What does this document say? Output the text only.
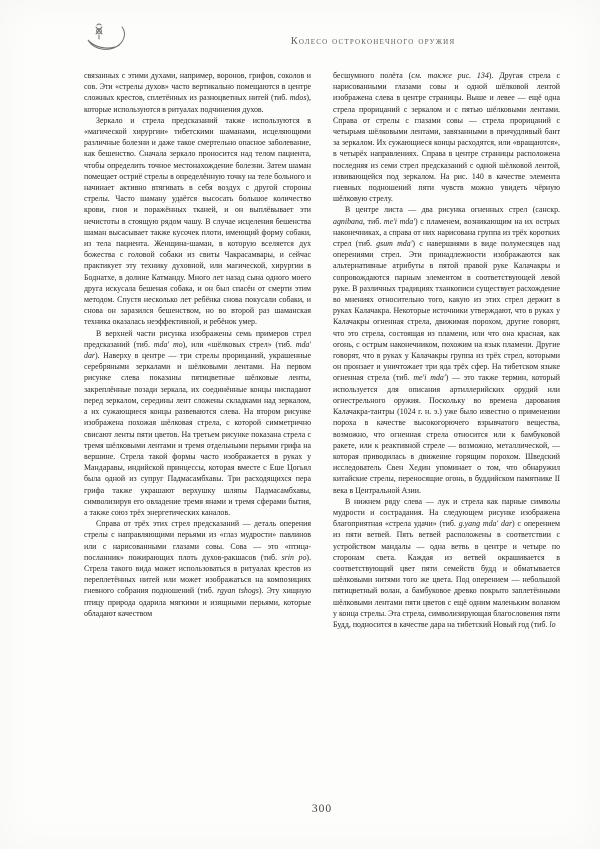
Колесо остроконечного оружия

связанных с этими духами, например, воронов, грифов, соколов и сов. Эти «стрелы духов» часто вертикально помещаются в центре сложных крестов, сплетённых из разноцветных нитей (тиб. mdos), которые используются в ритуалах подчинения духов.

Зеркало и стрела предсказаний также используются в «магической хирургии» тибетскими шаманами, исцеляющими различные болезни и даже такое смертельно опасное заболевание, как бешенство. Сначала зеркало проносится над телом пациента, чтобы определить точное местонахождение болезни. Затем шаман помещает остриё стрелы в определённую точку на теле больного и начинает активно втягивать в себя воздух с другой стороны стрелы. Часто шаману удаётся высосать большое количество крови, гноя и поражённых тканей, и он выплёвывает эти нечистоты в стоящую рядом чашу. В случае исцеления бешенства шаман высасывает также кусочек плоти, имеющий форму собаки, из тела пациента. Женщина-шаман, в которую вселяется дух божества с головой собаки из свиты Чакрасамвары, и сейчас практикует эту технику духовной, или магической, хирургии в Боднатхе, в долине Катманду. Много лет назад сына одного моего друга искусала бешеная собака, и он был спасён от смерти этим методом. Спустя несколько лет ребёнка снова покусали собаки, и снова он заразился бешенством, но во второй раз шаманская техника оказалась неэффективной, и ребёнок умер.

В верхней части рисунка изображены семь примеров стрел предсказаний (тиб. mda' mo), или «шёлковых стрел» (тиб. mda' dar). Наверху в центре — три стрелы прорицаний, украшенные серебряными зеркалами и шёлковыми лентами. На первом рисунке слева показаны пятицветные шёлковые ленты, закреплённые позади зеркала, их соединённые концы ниспадают перед зеркалом, середины лент сложены складками над зеркалом, а их сужающиеся концы развеваются слева. На втором рисунке изображена похожая шёлковая стрела, с которой симметрично свисают ленты пяти цветов. На третьем рисунке показана стрела с тремя шёлковыми лентами и тремя отдельными перьями грифа на вершине. Стрела такой формы часто изображается в руках у Мандаравы, индийской принцессы, которая вместе с Еше Цогьял была одной из супруг Падмасамбхавы. Три расходящихся пера грифа также украшают верхушку шляпы Падмасамбхавы, символизируя его овладение тремя янами и тремя сферами бытия, а также союз трёх энергетических каналов.

Справа от трёх этих стрел предсказаний — деталь оперения стрелы с направляющими перьями из «глаз мудрости» павлинов или с нарисованными глазами совы. Сова — это «птица-посланник» пожирающих плоть духов-ракшасов (тиб. srin po). Стрела такого вида может использоваться в ритуалах крестов из переплетённых нитей или может изображаться на композициях гневного собрания подношений (тиб. rgyan tshogs). Эту хищную птицу природа одарила мягкими и изящными перьями, которые обладают качеством

бесшумного полёта (см. также рис. 134). Другая стрела с нарисованными глазами совы и одной шёлковой лентой изображена слева в центре страницы. Выше и левее — ещё одна стрела прорицаний с зеркалом и с пятью шёлковыми лентами. Справа от стрелы с глазами совы — стрела прорицаний с четырьмя шёлковыми лентами, завязанными в причудливый бант за зеркалом. Их сужающиеся концы расходятся, или «вращаются», в четырёх направлениях. Справа в центре страницы расположена последняя из семи стрел предсказаний с одной шёлковой лентой, извивающейся под зеркалом. На рис. 140 в качестве элемента гневных подношений пяти чувств можно увидеть чёрную шёлковую стрелу.

В центре листа — два рисунка огненных стрел (санскр. agnibana, тиб. me'i mda') с пламенем, возникающим на их острых наконечниках, а справа от них нарисована группа из трёх коротких стрел (тиб. gsum mda') с навершиями в виде полумесяцев над оперениями стрел. Эти принадлежности изображаются как альтернативные атрибуты в пятой правой руке Калачакры и сопровождаются парным элементом в соответствующей левой руке. В различных традициях тханкописи существует расхождение во мнениях относительно того, какую из этих стрел держит в руках Калачакра. Некоторые источники утверждают, что в руках у Калачакры огненная стрела, движимая порохом, другие говорят, что это стрела, состоящая из пламени, или что она красная, как огонь, с острым наконечником, похожим на язык пламени. Другие говорят, что в руках у Калачакры группа из трёх стрел, которыми он пронзает и уничтожает три яда трёх сфер. На тибетском языке огненная стрела (тиб. me'i mda') — это также термин, который используется для описания артиллерийских орудий или огнестрельного оружия. Поскольку во времена дарования Калачакра-тантры (1024 г. н. э.) уже было известно о применении пороха в качестве высокогорючего взрывчатого вещества, возможно, что огненная стрела относится или к бамбуковой ракете, или к реактивной стреле — возможно, металлической, — которая приводилась в движение горящим порохом. Шведский исследователь Свен Хедин упоминает о том, что обнаружил китайские стрелы, переносящие огонь, в буддийском памятнике II века в Центральной Азии.

В нижнем ряду слева — лук и стрела как парные символы мудрости и сострадания. На следующем рисунке изображена благоприятная «стрела удачи» (тиб. g.yang mda' dar) с оперением из пяти ветвей. Пять ветвей расположены в соответствии с устройством мандалы — одна ветвь в центре и четыре по сторонам света. Каждая из ветвей окрашивается в соответствующий цвет пяти семейств будд и обматывается шёлковыми нитями того же цвета. Под оперением — небольшой пятицветный волан, а бамбуковое древко покрыто заплетёнными шёлковыми лентами пяти цветов с ещё одним маленьким воланом у конца стрелы. Эта стрела, символизирующая благословения пяти Будд, подносится в качестве дара на тибетский Новый год (тиб. lo

300
